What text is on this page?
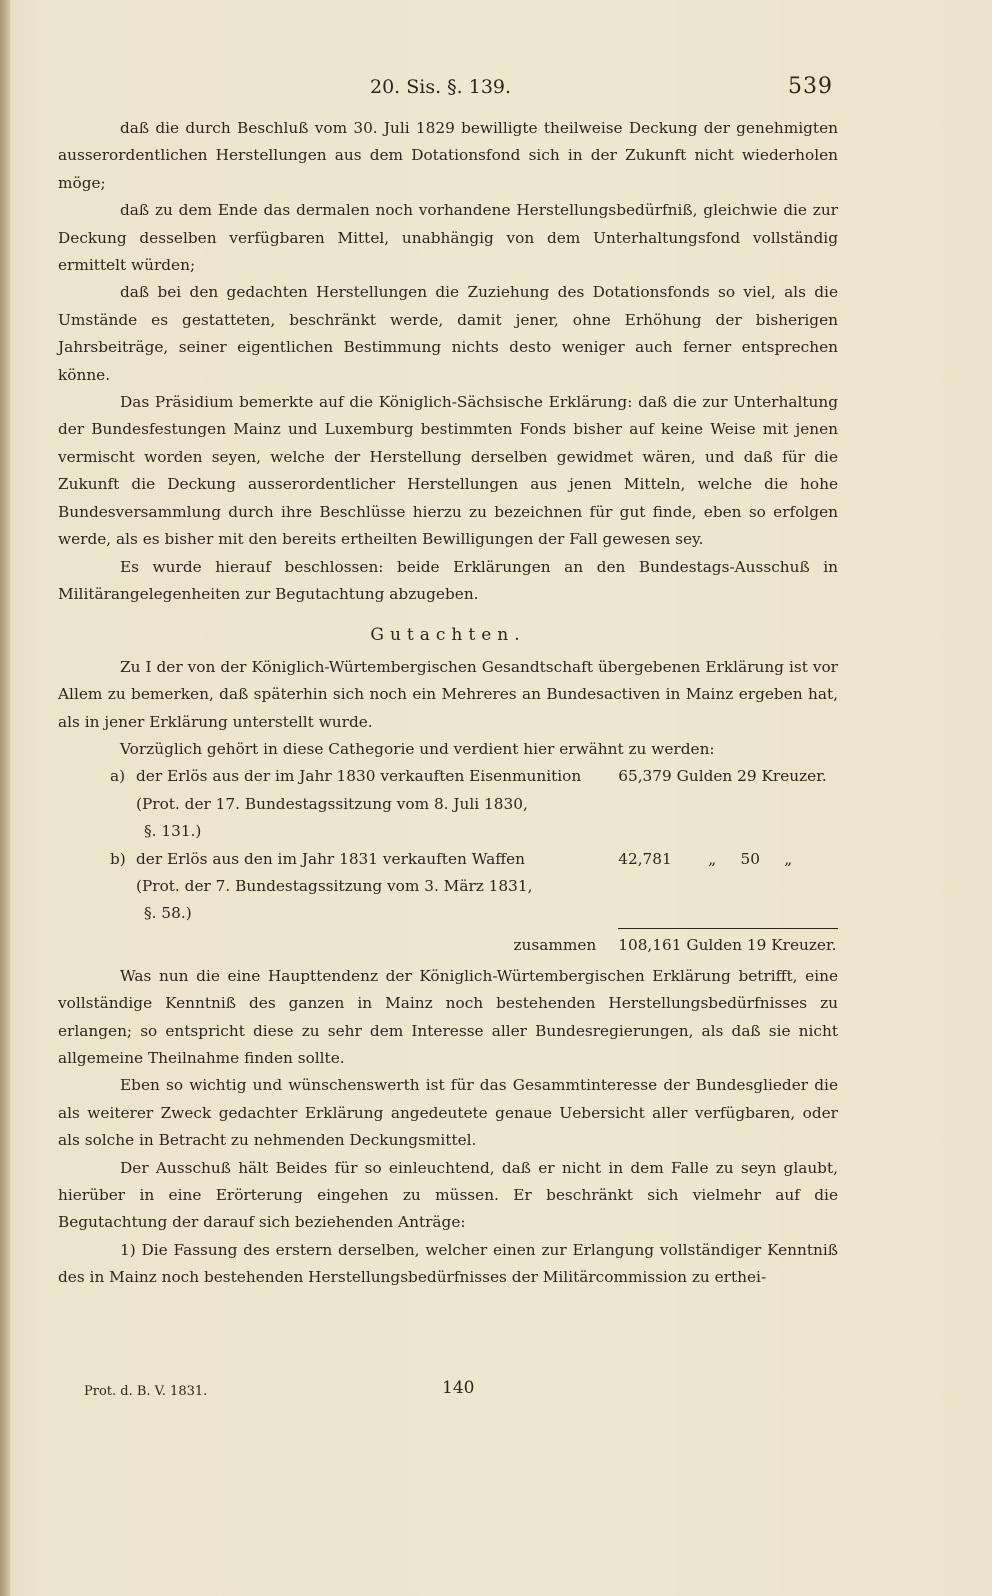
20. Sis. §. 139.	539

daß die durch Beschluß vom 30. Juli 1829 bewilligte theilweise Deckung der genehmigten ausserordentlichen Herstellungen aus dem Dotationsfond sich in der Zukunft nicht wiederholen möge;

daß zu dem Ende das dermalen noch vorhandene Herstellungsbedürfniß, gleichwie die zur Deckung desselben verfügbaren Mittel, unabhängig von dem Unterhaltungsfond vollständig ermittelt würden;

daß bei den gedachten Herstellungen die Zuziehung des Dotationsfonds so viel, als die Umstände es gestatteten, beschränkt werde, damit jener, ohne Erhöhung der bisherigen Jahrsbeiträge, seiner eigentlichen Bestimmung nichts desto weniger auch ferner entsprechen könne.

Das Präsidium bemerkte auf die Königlich-Sächsische Erklärung: daß die zur Unterhaltung der Bundesfestungen Mainz und Luxemburg bestimmten Fonds bisher auf keine Weise mit jenen vermischt worden seyen, welche der Herstellung derselben gewidmet wären, und daß für die Zukunft die Deckung ausserordentlicher Herstellungen aus jenen Mitteln, welche die hohe Bundesversammlung durch ihre Beschlüsse hierzu zu bezeichnen für gut finde, eben so erfolgen werde, als es bisher mit den bereits ertheilten Bewilligungen der Fall gewesen sey.

Es wurde hierauf beschlossen: beide Erklärungen an den Bundestags-Ausschuß in Militärangelegenheiten zur Begutachtung abzugeben.

Gutachten.

Zu I der von der Königlich-Würtembergischen Gesandtschaft übergebenen Erklärung ist vor Allem zu bemerken, daß späterhin sich noch ein Mehreres an Bundesactiven in Mainz ergeben hat, als in jener Erklärung unterstellt wurde.

Vorzüglich gehört in diese Cathegorie und verdient hier erwähnt zu werden:

a)	der Erlös aus der im Jahr 1830 verkauften Eisenmunition	65,379 Gulden 29 Kreuzer.		
	(Prot. der 17. Bundestagssitzung vom 8. Juli 1830,			
	§. 131.)			
b)	der Erlös aus den im Jahr 1831 verkauften Waffen	42,781	„ 50 „	
	(Prot. der 7. Bundestagssitzung vom 3. März 1831,			
	§. 58.)			
	zusammen	108,161 Gulden 19 Kreuzer.		

Was nun die eine Haupttendenz der Königlich-Würtembergischen Erklärung betrifft, eine vollständige Kenntniß des ganzen in Mainz noch bestehenden Herstellungsbedürfnisses zu erlangen; so entspricht diese zu sehr dem Interesse aller Bundesregierungen, als daß sie nicht allgemeine Theilnahme finden sollte.

Eben so wichtig und wünschenswerth ist für das Gesammtinteresse der Bundesglieder die als weiterer Zweck gedachter Erklärung angedeutete genaue Uebersicht aller verfügbaren, oder als solche in Betracht zu nehmenden Deckungsmittel.

Der Ausschuß hält Beides für so einleuchtend, daß er nicht in dem Falle zu seyn glaubt, hierüber in eine Erörterung eingehen zu müssen. Er beschränkt sich vielmehr auf die Begutachtung der darauf sich beziehenden Anträge:

1) Die Fassung des erstern derselben, welcher einen zur Erlangung vollständiger Kenntniß des in Mainz noch bestehenden Herstellungsbedürfnisses der Militärcommission zu erthei-

Prot. d. B. V. 1831.	140
